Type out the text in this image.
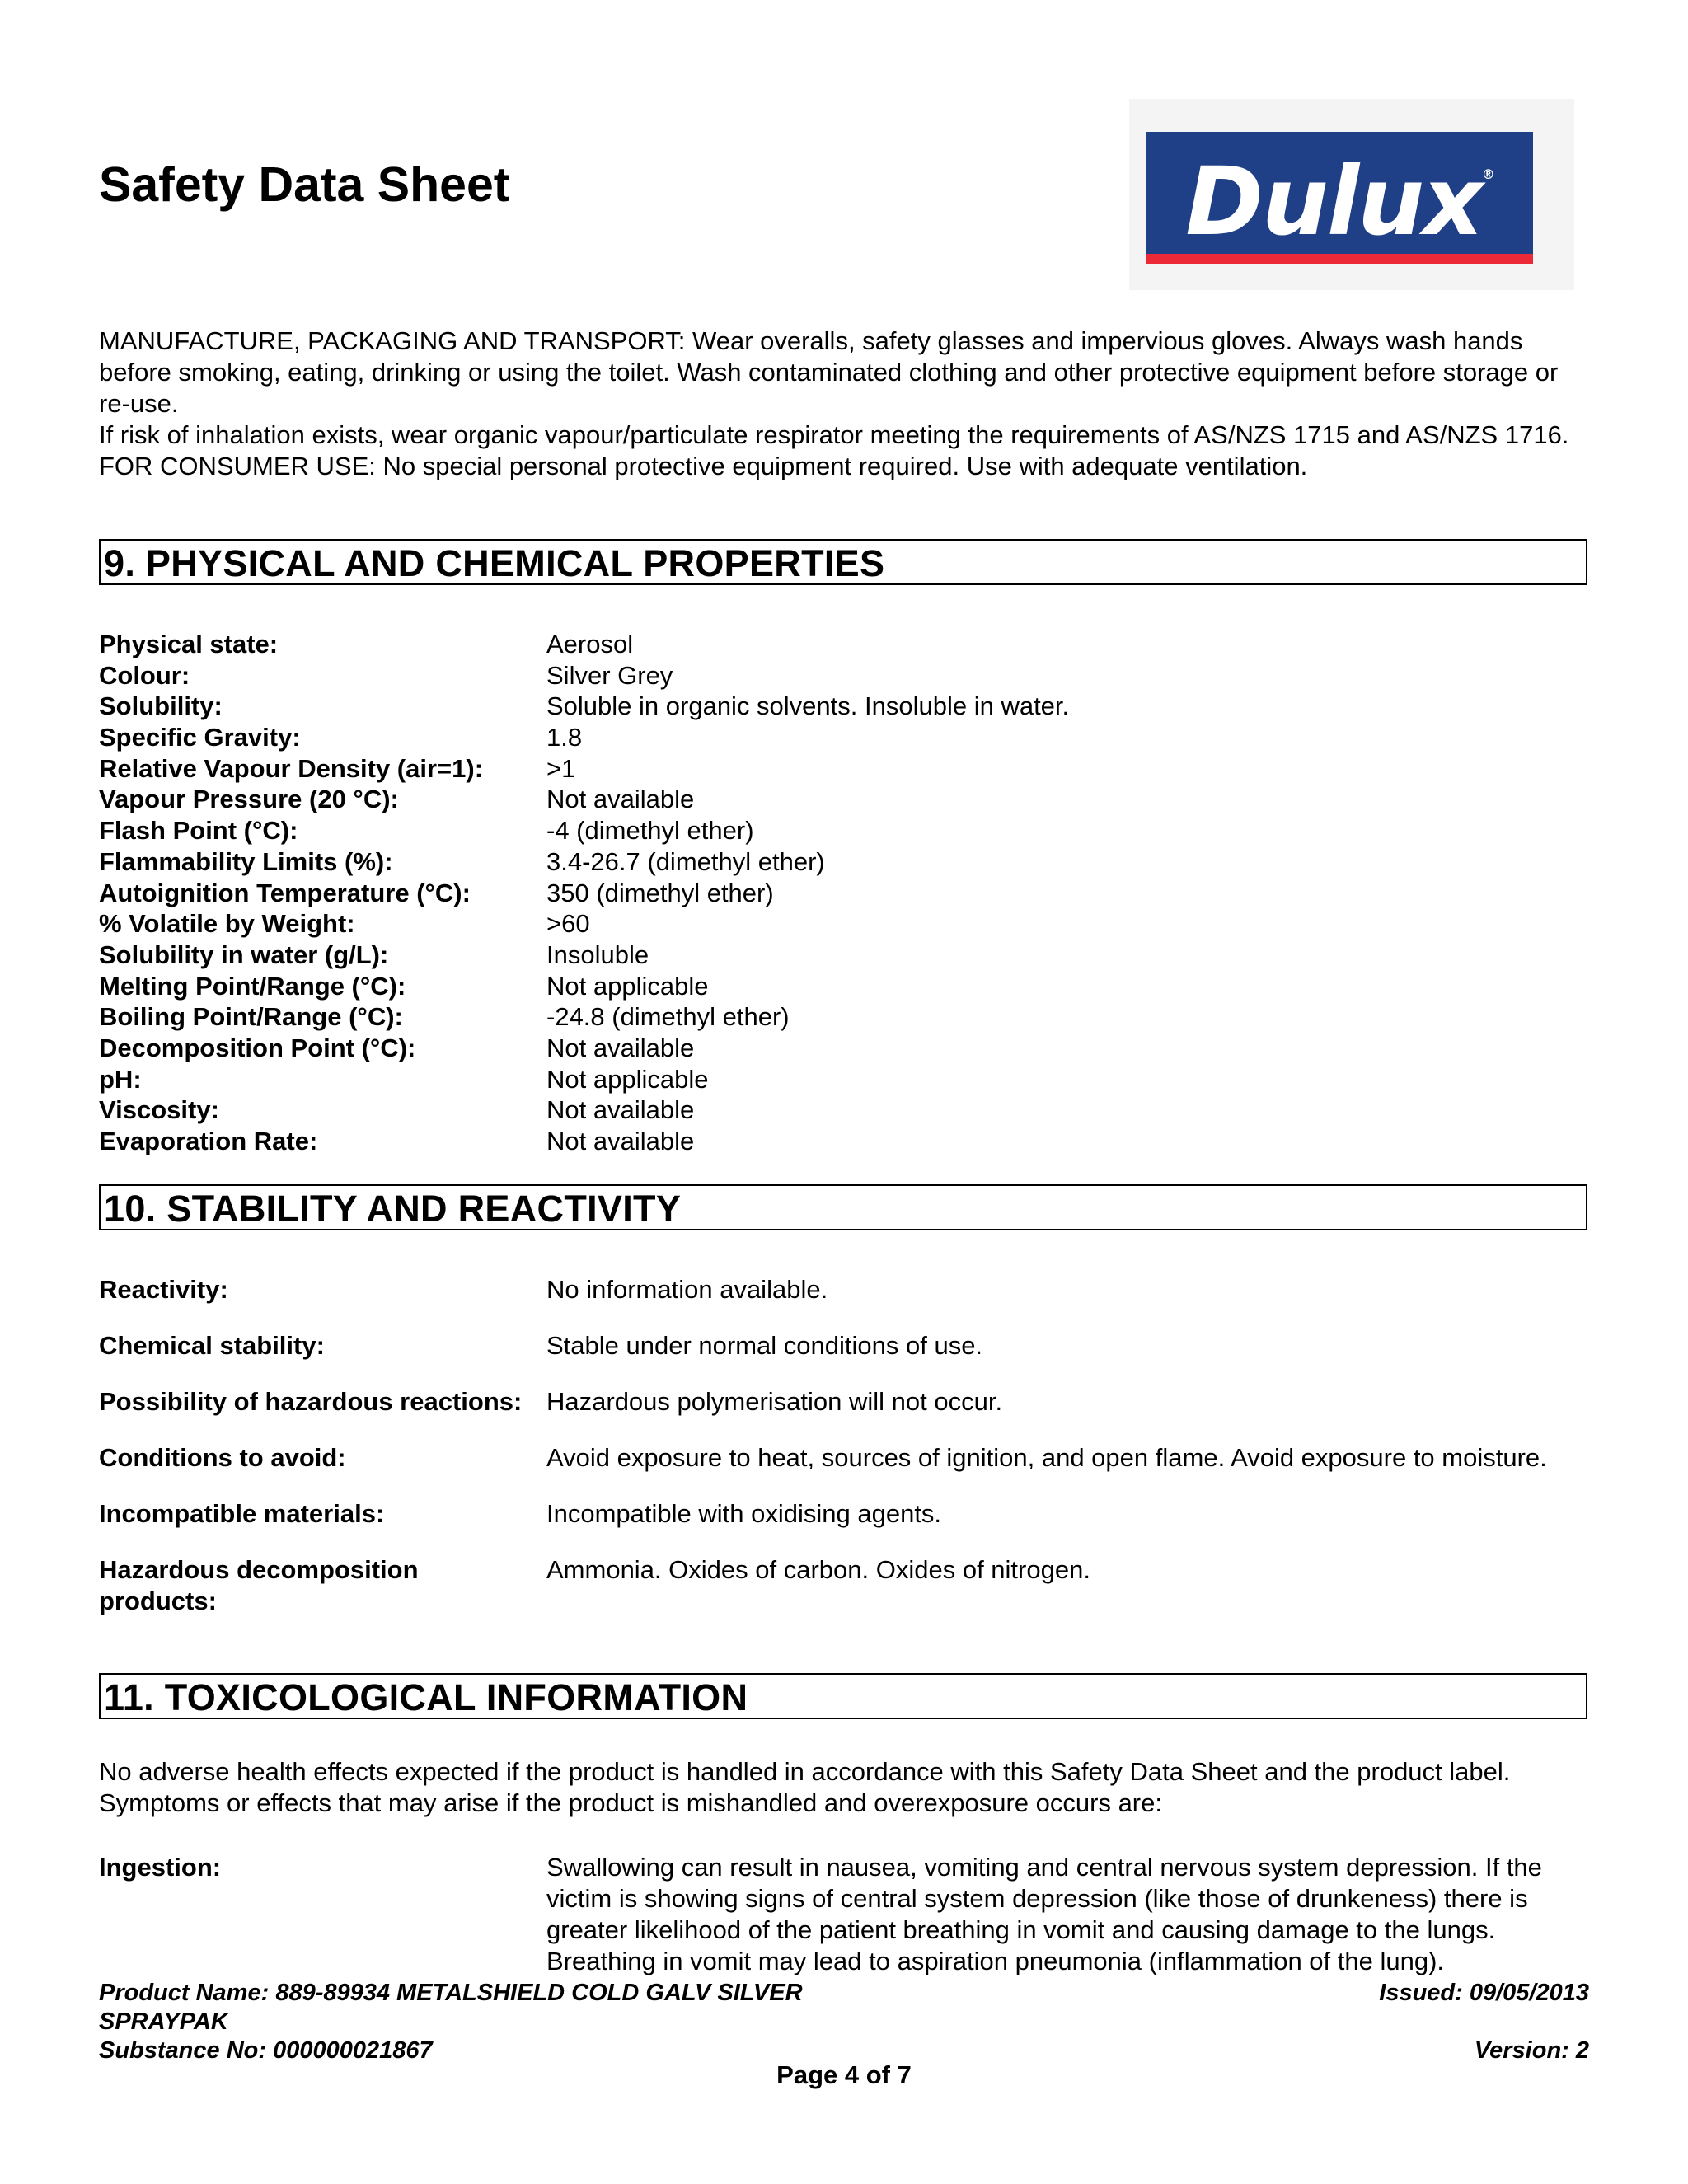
Safety Data Sheet	Dulux®

MANUFACTURE, PACKAGING AND TRANSPORT: Wear overalls, safety glasses and impervious gloves. Always wash hands before smoking, eating, drinking or using the toilet. Wash contaminated clothing and other protective equipment before storage or re-use.

If risk of inhalation exists, wear organic vapour/particulate respirator meeting the requirements of AS/NZS 1715 and AS/NZS 1716.

FOR CONSUMER USE: No special personal protective equipment required. Use with adequate ventilation.

9. PHYSICAL AND CHEMICAL PROPERTIES
Physical state:	Aerosol
Colour:	Silver Grey
Solubility:	Soluble in organic solvents. Insoluble in water.
Specific Gravity:	1.8
Relative Vapour Density (air=1): >1
Vapour Pressure (20 °C):	Not available
Flash Point (°C):	-4 (dimethyl ether)
Flammability Limits (%):	3.4-26.7 (dimethyl ether)
Autoignition Temperature (°C):	350 (dimethyl ether)
% Volatile by Weight:	>60
Solubility in water (g/L):	Insoluble
Melting Point/Range (°C):	Not applicable
Boiling Point/Range (°C):	-24.8 (dimethyl ether)
Decomposition Point (°C):	Not available
pH:	Not applicable
Viscosity:	Not available
Evaporation Rate:	Not available
10. STABILITY AND REACTIVITY
Reactivity:	No information available.
Chemical stability:	Stable under normal conditions of use.
Possibility of hazardous reactions: Hazardous polymerisation will not occur.
Conditions to avoid:	Avoid exposure to heat, sources of ignition, and open flame. Avoid exposure to moisture.
Incompatible materials:	Incompatible with oxidising agents.
Hazardous decomposition products:
Ammonia. Oxides of carbon. Oxides of nitrogen.
11. TOXICOLOGICAL INFORMATION

No adverse health effects expected if the product is handled in accordance with this Safety Data Sheet and the product label. Symptoms or effects that may arise if the product is mishandled and overexposure occurs are:

Ingestion:	Swallowing can result in nausea, vomiting and central nervous system depression. If the victim is showing signs of central system depression (like those of drunkeness) there is greater likelihood of the patient breathing in vomit and causing damage to the lungs. Breathing in vomit may lead to aspiration pneumonia (inflammation of the lung).
Product Name: 889-89934 METALSHIELD COLD GALV SILVER SPRAYPAK
Issued: 09/05/2013
Substance No: 000000021867	Version: 2
Page 4 of 7
